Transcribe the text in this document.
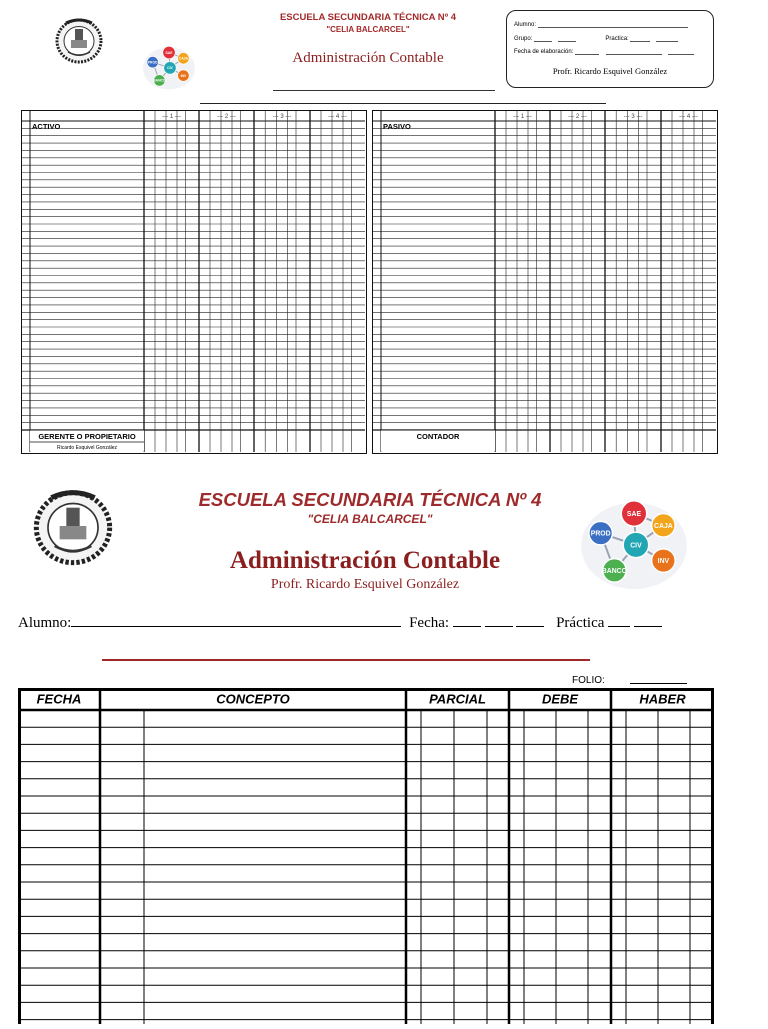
SAE
CAJA
PROD
CIV
INV
BANCO
ESCUELA SECUNDARIA TÉCNICA Nº 4
"CELIA BALCARCEL"
Administración Contable
Alumno:
Grupo:	Practica:
Fecha de elaboración:
Profr. Ricardo Esquivel González
--- 1 ---	--- 2 ---	--- 3 ---	--- 4 ---
ACTIVO
GERENTE O PROPIETARIO
Ricardo Esquivel González
--- 1 ---	--- 2 ---	--- 3 ---	--- 4 ---
PASIVO
CONTADOR
ESCUELA SECUNDARIA TÉCNICA Nº 4
"CELIA BALCARCEL"
Administración Contable
Profr. Ricardo Esquivel González
SAE
CAJA
PROD
CIV
INV
BANCO
Alumno:	Fecha:	Práctica
FOLIO:
FECHA	CONCEPTO	PARCIAL	DEBE	HABER
